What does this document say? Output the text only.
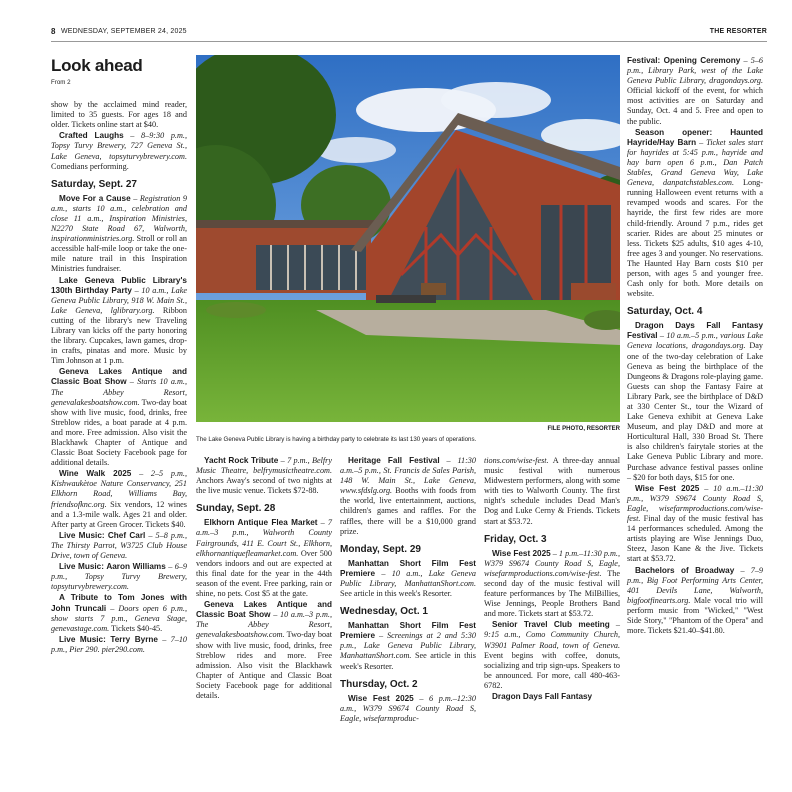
8 WEDNESDAY, SEPTEMBER 24, 2025	THE RESORTER
Look ahead
From 2

show by the acclaimed mind reader, limited to 35 guests. For ages 18 and older. Tickets online start at $40.

Crafted Laughs – 8–9:30 p.m., Topsy Turvy Brewery, 727 Geneva St., Lake Geneva, topsyturvybrewery.com. Comedians performing.

Saturday, Sept. 27

Move For a Cause – Registration 9 a.m., starts 10 a.m., celebration and close 11 a.m., Inspiration Ministries, N2270 State Road 67, Walworth, inspirationministries.org. Stroll or roll an accessible half-mile loop or take the one-mile nature trail in this Inspiration Ministries fundraiser.

Lake Geneva Public Library's 130th Birthday Party – 10 a.m., Lake Geneva Public Library, 918 W. Main St., Lake Geneva, lglibrary.org. Ribbon cutting of the library's new Traveling Library van kicks off the party honoring the library. Cupcakes, lawn games, drop-in crafts, pinatas and more. Music by Tim Johnson at 1 p.m.

Geneva Lakes Antique and Classic Boat Show – Starts 10 a.m., The Abbey Resort, genevalakesboatshow.com. Two-day boat show with live music, food, drinks, free Streblow rides, a boat parade at 4 p.m. and more. Free admission. Also visit the Blackhawk Chapter of Antique and Classic Boat Society Facebook page for additional details.

Wine Walk 2025 – 2–5 p.m., Kishwaukètoe Nature Conservancy, 251 Elkhorn Road, Williams Bay, friendsofknc.org. Six vendors, 12 wines and a 1.3-mile walk. Ages 21 and older. After party at Green Grocer. Tickets $40.

Live Music: Chef Carl – 5–8 p.m., The Thirsty Parrot, W3725 Club House Drive, town of Geneva.

Live Music: Aaron Williams – 6–9 p.m., Topsy Turvy Brewery, topsyturvybrewery.com.

A Tribute to Tom Jones with John Truncali – Doors open 6 p.m., show starts 7 p.m., Geneva Stage, genevastage.com. Tickets $40-45.

Live Music: Terry Byrne – 7–10 p.m., Pier 290. pier290.com.

FILE PHOTO, RESORTER
The Lake Geneva Public Library is having a birthday party to celebrate its last 130 years of operations.

Yacht Rock Tribute – 7 p.m., Belfry Music Theatre, belfrymusictheatre.com. Anchors Away's second of two nights at the live music venue. Tickets $72-88.

Sunday, Sept. 28

Elkhorn Antique Flea Market – 7 a.m.–3 p.m., Walworth County Fairgrounds, 411 E. Court St., Elkhorn, elkhornantiquefleamarket.com. Over 500 vendors indoors and out are expected at this final date for the year in the 44th season of the event. Free parking, rain or shine, no pets. Cost $5 at the gate.

Geneva Lakes Antique and Classic Boat Show – 10 a.m.–3 p.m., The Abbey Resort, genevalakesboatshow.com. Two-day boat show with live music, food, drinks, free Streblow rides and more. Free admission. Also visit the Blackhawk Chapter of Antique and Classic Boat Society Facebook page for additional details.

Heritage Fall Festival – 11:30 a.m.–5 p.m., St. Francis de Sales Parish, 148 W. Main St., Lake Geneva, www.sfdslg.org. Booths with foods from the world, live entertainment, auctions, children's games and raffles. For the raffles, there will be a $10,000 grand prize.

Monday, Sept. 29

Manhattan Short Film Fest Premiere – 10 a.m., Lake Geneva Public Library, ManhattanShort.com. See article in this week's Resorter.

Wednesday, Oct. 1

Manhattan Short Film Fest Premiere – Screenings at 2 and 5:30 p.m., Lake Geneva Public Library, ManhattanShort.com. See article in this week's Resorter.

Thursday, Oct. 2

Wise Fest 2025 – 6 p.m.–12:30 a.m., W379 S9674 County Road S, Eagle, wisefarmproduc-

tions.com/wise-fest. A three-day annual music festival with numerous Midwestern performers, along with some with ties to Walworth County. The first night's schedule includes Dead Man's Dog and Luke Cerny & Friends. Tickets start at $53.72.

Friday, Oct. 3

Wise Fest 2025 – 1 p.m.–11:30 p.m., W379 S9674 County Road S, Eagle, wisefarmproductions.com/wise-fest. The second day of the music festival will feature performances by The MilBillies, Wise Jennings, People Brothers Band and more. Tickets start at $53.72.

Senior Travel Club meeting – 9:15 a.m., Como Community Church, W3901 Palmer Road, town of Geneva. Event begins with coffee, donuts, socializing and trip sign-ups. Speakers to be announced. For more, call 480-463-6782.

Dragon Days Fall Fantasy

Festival: Opening Ceremony – 5–6 p.m., Library Park, west of the Lake Geneva Public Library, dragondays.org. Official kickoff of the event, for which most activities are on Saturday and Sunday, Oct. 4 and 5. Free and open to the public.

Season opener: Haunted Hayride/Hay Barn – Ticket sales start for hayrides at 5:45 p.m., hayride and hay barn open 6 p.m., Dan Patch Stables, Grand Geneva Way, Lake Geneva, danpatchstables.com. Long-running Halloween event returns with a revamped woods and scares. For the hayride, the first few rides are more child-friendly. Around 7 p.m., rides get scarier. Rides are about 25 minutes or less. Tickets $25 adults, $10 ages 4-10, free ages 3 and younger. No reservations. The Haunted Hay Barn costs $10 per person, with ages 5 and younger free. Cash only for both. More details on website.

Saturday, Oct. 4

Dragon Days Fall Fantasy Festival – 10 a.m.–5 p.m., various Lake Geneva locations, dragondays.org. Day one of the two-day celebration of Lake Geneva as being the birthplace of the Dungeons & Dragons role-playing game. Guests can shop the Fantasy Faire at Library Park, see the birthplace of D&D at 330 Center St., tour the Wizard of Lake Geneva exhibit at Geneva Lake Museum, and play D&D and more at Horticultural Hall, 330 Broad St. There is also children's fairytale stories at the Lake Geneva Public Library and more. Purchase advance festival passes online – $20 for both days, $15 for one.

Wise Fest 2025 – 10 a.m.–11:30 p.m., W379 S9674 County Road S, Eagle, wisefarmproductions.com/wise-fest. Final day of the music festival has 14 performances scheduled. Among the artists playing are Wise Jennings Duo, Steez, Jason Kane & the Jive. Tickets start at $53.72.

Bachelors of Broadway – 7–9 p.m., Big Foot Performing Arts Center, 401 Devils Lane, Walworth, bigfootfinearts.org. Male vocal trio will perform music from "Wicked," "West Side Story," "Phantom of the Opera" and more. Tickets $21.40–$41.80.
